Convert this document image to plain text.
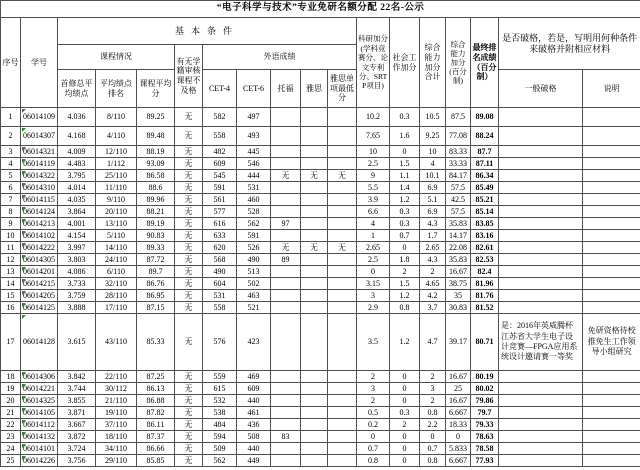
“电子科学与技术”专业免研名额分配 22名-公示																	
序号	学号	基本条件									科研加分(学科竞赛分、论文专利分、SRTP项目)	社会工作加分	综合能力加分合计	综合能力加分(百分制)	最终排名成绩（百分制）	是否破格，若是，写明用何种条件来破格并附相应材料	
		课程情况			有无学籍审核课程不及格	外语成绩											
		首修总平均绩点	平均绩点排名	课程平均分		CET-4	CET-6	托福	雅思	雅思单项最低分						一般破格	说明
1	06014109	4.036	8/110	89.25	无	582	497				10.2	0.3	10.5	87.5	89.08		
2	06014307	4.168	4/110	89.48	无	558	493				7.65	1.6	9.25	77.08	88.24		
3	06014321	4.009	12/110	88.19	无	482	445				10	0	10	83.33	87.7		
4	06014119	4.483	1/112	93.09	无	609	546				2.5	1.5	4	33.33	87.11		
5	06014322	3.795	25/110	86.58	无	545	444	无	无	无	9	1.1	10.1	84.17	86.34		
6	06014310	4.014	11/110	88.6	无	591	531				5.5	1.4	6.9	57.5	85.49		
7	06014115	4.035	9/110	89.96	无	561	460				3.9	1.2	5.1	42.5	85.21		
8	06014124	3.864	20/110	88.21	无	577	528				6.6	0.3	6.9	57.5	85.14		
9	06014213	4.001	13/110	89.19	无	616	562	97			4	0.3	4.3	35.83	83.85		
10	06014102	4.154	5/110	90.83	无	633	591				1	0.7	1.7	14.17	83.16		
11	06014222	3.997	14/110	89.33	无	620	526	无	无	无	2.65	0	2.65	22.08	82.61		
12	06014305	3.803	24/110	87.72	无	568	490	89			2.5	1.8	4.3	35.83	82.53		
13	06014201	4.086	6/110	89.7	无	490	513				0	2	2	16.67	82.4		
14	06014215	3.733	32/110	86.76	无	604	502				3.15	1.5	4.65	38.75	81.96		
15	06014205	3.759	28/110	86.95	无	531	463				3	1.2	4.2	35	81.76		
16	06014125	3.888	17/110	87.15	无	558	521				2.9	0.8	3.7	30.83	81.52		
17	06014128	3.615	43/110	85.33	无	576	423				3.5	1.2	4.7	39.17	80.71	是：2016年英威腾杯江苏省大学生电子设计竞赛—FPGA应用系统设计邀请赛一等奖	免研资格待校推免生工作领导小组研究
18	06014306	3.842	22/110	87.25	无	559	469				2	0	2	16.67	80.19		
19	06014221	3.744	30/112	86.13	无	615	609				3	0	3	25	80.02		
20	06014325	3.855	21/110	86.88	无	532	440				2	0	2	16.67	79.86		
21	06014105	3.871	19/110	87.82	无	538	461				0.5	0.3	0.8	6.667	79.7		
22	06014112	3.667	37/110	86.11	无	484	436				0.2	2	2.2	18.33	79.33		
23	06014132	3.872	18/110	87.37	无	594	508	83			0	0	0	0	78.63		
24	06014101	3.724	34/110	86.66	无	509	440				0.7	0	0.7	5.833	78.58		
25	06014226	3.756	29/110	85.85	无	562	449				0.8	0	0.8	6.667	77.93		
